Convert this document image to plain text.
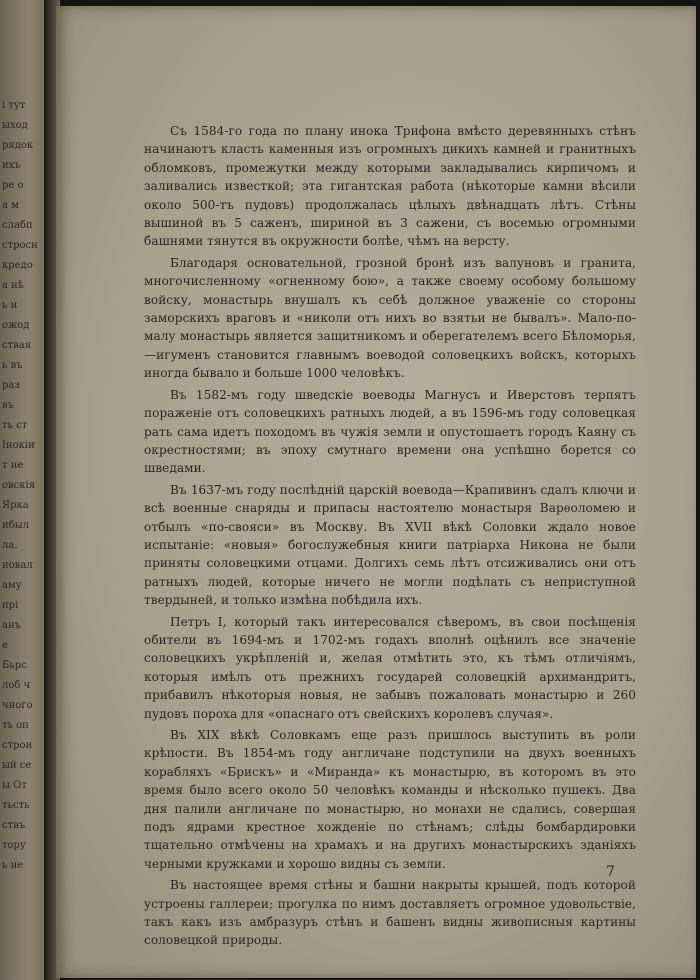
і тут
ыход
рядок
ихъ
ре о
а м
слабп
стросн
кредо
а нѣ
ь и
ожод
ствая
ь въ
раз
въ
ть ст
Iнокіи
т не
овскія
Ярка
ибыл
ла.
новал
аму
прі
анъ
е
Бьрс
лоб ч
чного
ть оп
строи
ый се
ы От
тьсть
ствъ
тору
ь не

Съ 1584-го года по плану инока Трифона вмѣсто деревянныхъ стѣнъ начинаютъ класть каменныя изъ огромныхъ дикихъ камней и гранитныхъ обломковъ, промежутки между которыми закладывались кирпичомъ и заливались известкой; эта гигантская работа (нѣкоторые камни вѣсили около 500-тъ пудовъ) продолжалась цѣлыхъ двѣнадцать лѣтъ. Стѣны вышиной въ 5 саженъ, шириной въ 3 сажени, съ восемью огромными башнями тянутся въ окружности болѣе, чѣмъ на версту.

Благодаря основательной, грозной бронѣ изъ валуновъ и гранита, многочисленному «огненному бою», а также своему особому большому войску, монастырь внушалъ къ себѣ должное уваженіе со стороны заморскихъ враговъ и «николи отъ нихъ во взятьи не бывалъ». Мало-по-малу монастырь является защитникомъ и оберегателемъ всего Бѣломорья,—игуменъ становится главнымъ воеводой соловецкихъ войскъ, которыхъ иногда бывало и больше 1000 человѣкъ.

Въ 1582-мъ году шведскіе воеводы Магнусъ и Иверстовъ терпятъ пораженіе отъ соловецкихъ ратныхъ людей, а въ 1596-мъ году соловецкая рать сама идетъ походомъ въ чужія земли и опустошаетъ городъ Каяну съ окрестностями; въ эпоху смутнаго времени она успѣшно борется со шведами.

Въ 1637-мъ году послѣдній царскій воевода—Крапивинъ сдалъ ключи и всѣ военные снаряды и припасы настоятелю монастыря Варѳоломею и отбылъ «по-свояси» въ Москву. Въ XVII вѣкѣ Соловки ждало новое испытаніе: «новыя» богослужебныя книги патріарха Никона не были приняты соловецкими отцами. Долгихъ семь лѣтъ отсиживались они отъ ратныхъ людей, которые ничего не могли подѣлать съ неприступной твердыней, и только измѣна побѣдила ихъ.

Петръ I, который такъ интересовался сѣверомъ, въ свои посѣщенія обители въ 1694-мъ и 1702-мъ годахъ вполнѣ оцѣнилъ все значеніе соловецкихъ укрѣпленій и, желая отмѣтить это, къ тѣмъ отличіямъ, которыя имѣлъ отъ прежнихъ государей соловецкій архимандритъ, прибавилъ нѣкоторыя новыя, не забывъ пожаловать монастырю и 260 пудовъ пороха для «опаснаго отъ свейскихъ королевъ случая».

Въ XIX вѣкѣ Соловкамъ еще разъ пришлось выступить въ роли крѣпости. Въ 1854-мъ году англичане подступили на двухъ военныхъ корабляхъ «Брискъ» и «Миранда» къ монастырю, въ которомъ въ это время было всего около 50 человѣкъ команды и нѣсколько пушекъ. Два дня палили англичане по монастырю, но монахи не сдались, совершая подъ ядрами крестное хожденіе по стѣнамъ; слѣды бомбардировки тщательно отмѣчены на храмахъ и на другихъ монастырскихъ зданіяхъ черными кружками и хорошо видны съ земли.

Въ настоящее время стѣны и башни накрыты крышей, подъ которой устроены галлереи; прогулка по нимъ доставляетъ огромное удовольствіе, такъ какъ изъ амбразуръ стѣнъ и башенъ видны живописныя картины соловецкой природы.

7
